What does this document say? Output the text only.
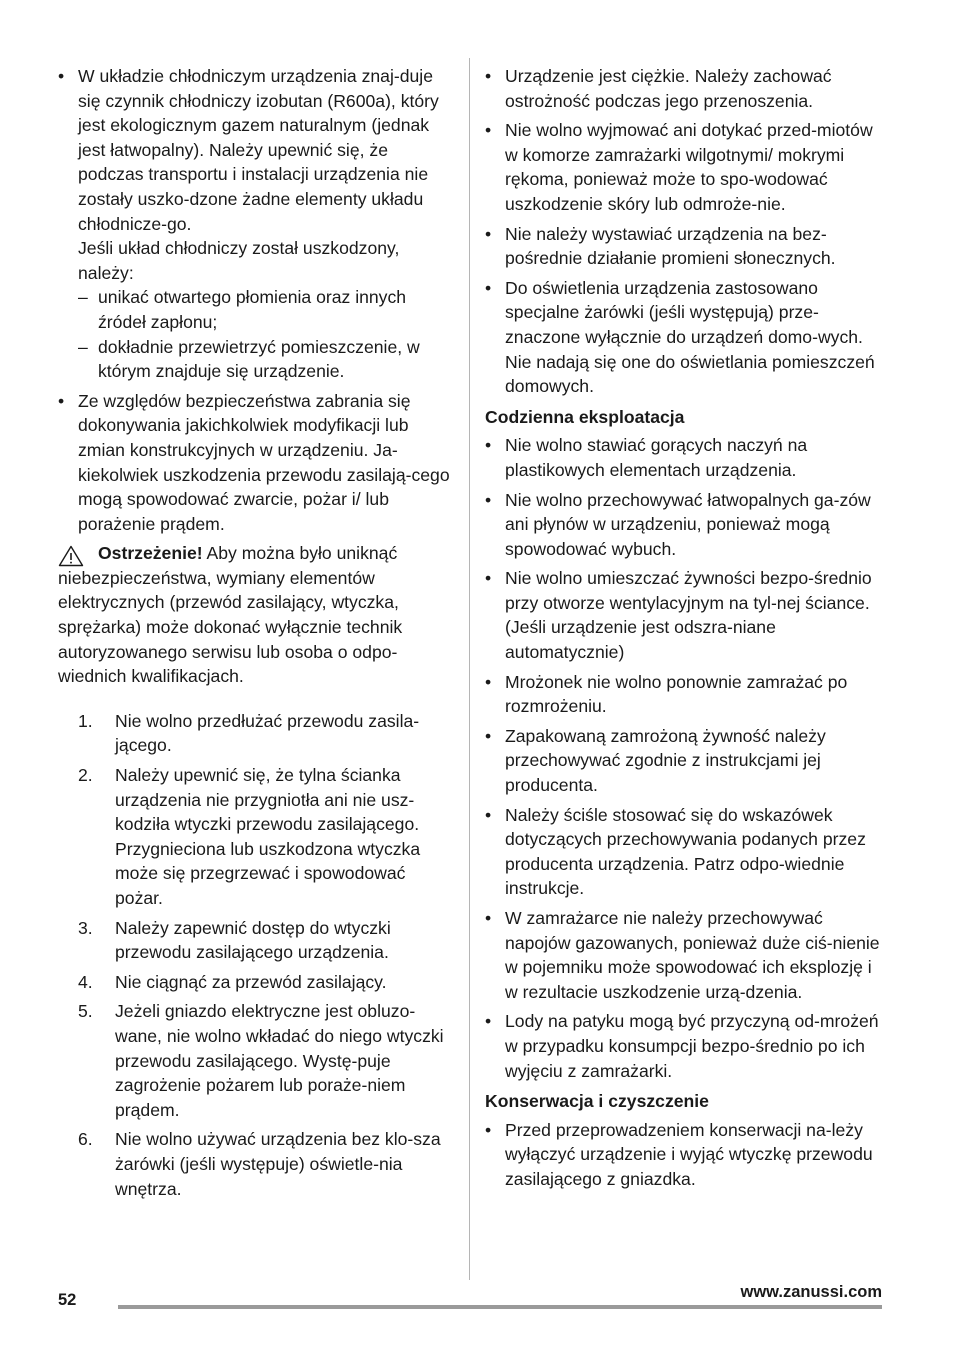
• W układzie chłodniczym urządzenia znaj-duje się czynnik chłodniczy izobutan (R600a), który jest ekologicznym gazem naturalnym (jednak jest łatwopalny). Należy upewnić się, że podczas transportu i instalacji urządzenia nie zostały uszko-dzone żadne elementy układu chłodnicze-go.

Jeśli układ chłodniczy został uszkodzony, należy:

– unikać otwartego płomienia oraz innych źródeł zapłonu;
– dokładnie przewietrzyć pomieszczenie, w którym znajduje się urządzenie.

• Ze względów bezpieczeństwa zabrania się dokonywania jakichkolwiek modyfikacji lub zmian konstrukcyjnych w urządzeniu. Ja-kiekolwiek uszkodzenia przewodu zasilają-cego mogą spowodować zwarcie, pożar i/ lub porażenie prądem.

Ostrzeżenie! Aby można było uniknąć niebezpieczeństwa, wymiany elementów elektrycznych (przewód zasilający, wtyczka, sprężarka) może dokonać wyłącznie technik autoryzowanego serwisu lub osoba o odpo-wiednich kwalifikacjach.

1. Nie wolno przedłużać przewodu zasila-jącego.
2. Należy upewnić się, że tylna ścianka urządzenia nie przygniotła ani nie usz-kodziła wtyczki przewodu zasilającego. Przygnieciona lub uszkodzona wtyczka może się przegrzewać i spowodować pożar.
3. Należy zapewnić dostęp do wtyczki przewodu zasilającego urządzenia.
4. Nie ciągnąć za przewód zasilający.
5. Jeżeli gniazdo elektryczne jest obluzo-wane, nie wolno wkładać do niego wtyczki przewodu zasilającego. Wystę-puje zagrożenie pożarem lub poraże-niem prądem.
6. Nie wolno używać urządzenia bez klo-sza żarówki (jeśli występuje) oświetle-nia wnętrza.
• Urządzenie jest ciężkie. Należy zachować ostrożność podczas jego przenoszenia.
• Nie wolno wyjmować ani dotykać przed-miotów w komorze zamrażarki wilgotnymi/ mokrymi rękoma, ponieważ może to spo-wodować uszkodzenie skóry lub odmroże-nie.
• Nie należy wystawiać urządzenia na bez-pośrednie działanie promieni słonecznych.
• Do oświetlenia urządzenia zastosowano specjalne żarówki (jeśli występują) prze-znaczone wyłącznie do urządzeń domo-wych. Nie nadają się one do oświetlania pomieszczeń domowych.
Codzienna eksploatacja
• Nie wolno stawiać gorących naczyń na plastikowych elementach urządzenia.
• Nie wolno przechowywać łatwopalnych ga-zów ani płynów w urządzeniu, ponieważ mogą spowodować wybuch.
• Nie wolno umieszczać żywności bezpo-średnio przy otworze wentylacyjnym na tyl-nej ściance. (Jeśli urządzenie jest odszra-niane automatycznie)
• Mrożonek nie wolno ponownie zamrażać po rozmrożeniu.
• Zapakowaną zamrożoną żywność należy przechowywać zgodnie z instrukcjami jej producenta.
• Należy ściśle stosować się do wskazówek dotyczących przechowywania podanych przez producenta urządzenia. Patrz odpo-wiednie instrukcje.
• W zamrażarce nie należy przechowywać napojów gazowanych, ponieważ duże ciś-nienie w pojemniku może spowodować ich eksplozję i w rezultacie uszkodzenie urzą-dzenia.
• Lody na patyku mogą być przyczyną od-mrożeń w przypadku konsumpcji bezpo-średnio po ich wyjęciu z zamrażarki.
Konserwacja i czyszczenie
• Przed przeprowadzeniem konserwacji na-leży wyłączyć urządzenie i wyjąć wtyczkę przewodu zasilającego z gniazdka.
52	www.zanussi.com
